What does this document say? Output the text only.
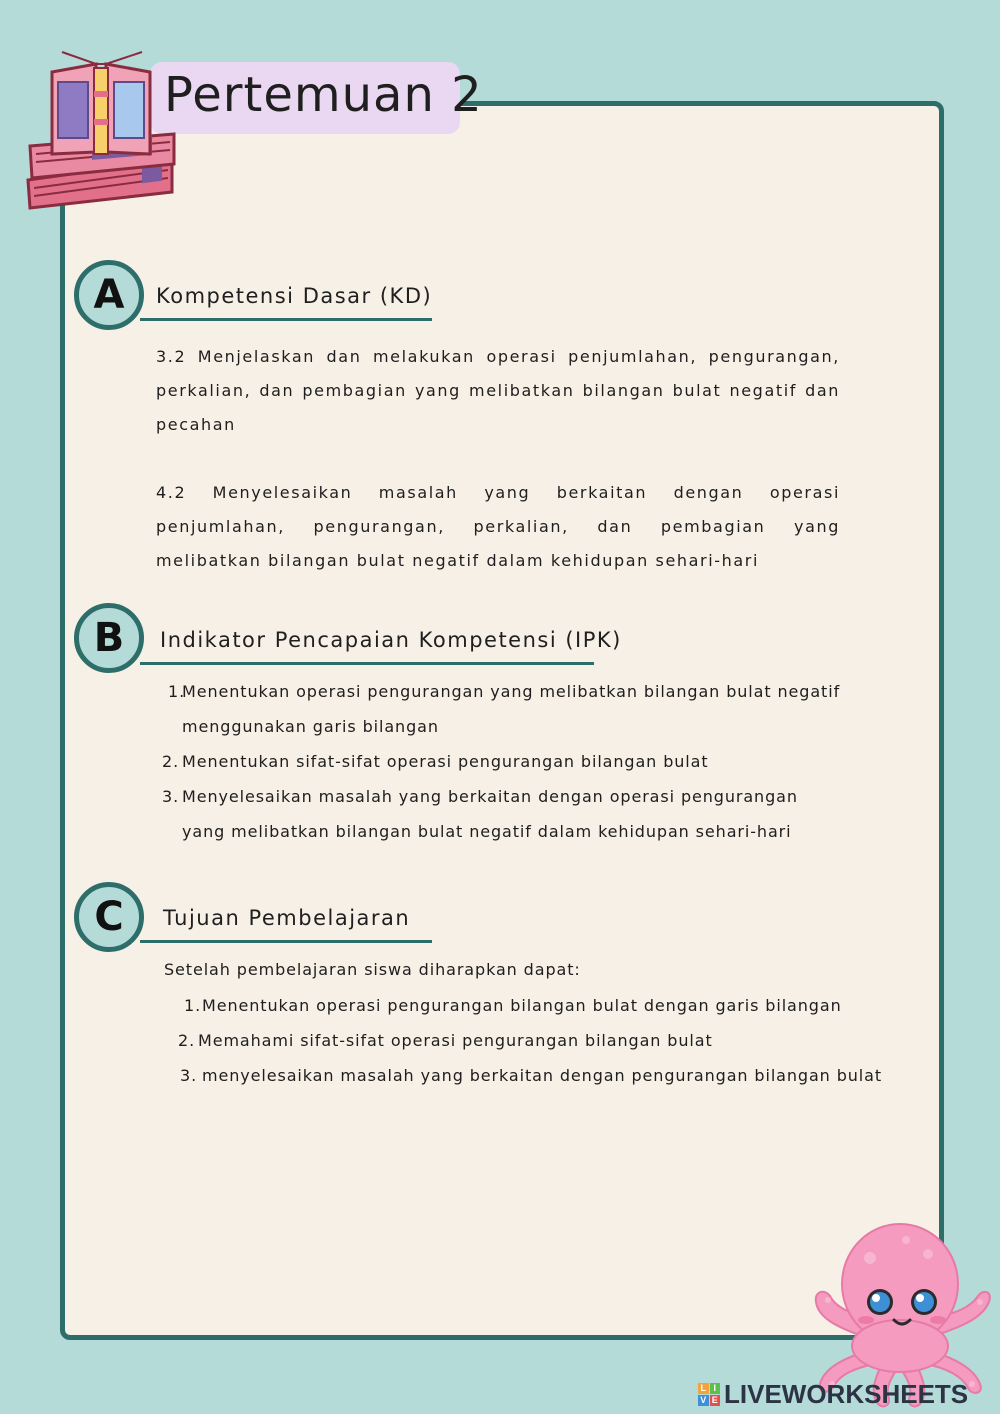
Pertemuan 2
A	Kompetensi Dasar (KD)

3.2 Menjelaskan dan melakukan operasi penjumlahan, pengurangan, perkalian, dan pembagian yang melibatkan bilangan bulat negatif dan pecahan

4.2 Menyelesaikan masalah yang berkaitan dengan operasi penjumlahan, pengurangan, perkalian, dan pembagian yang melibatkan bilangan bulat negatif dalam kehidupan sehari-hari

B	Indikator Pencapaian Kompetensi (IPK)
1.
Menentukan operasi pengurangan yang melibatkan bilangan bulat negatif menggunakan garis bilangan
2. Menentukan sifat-sifat operasi pengurangan bilangan bulat
3. Menyelesaikan masalah yang berkaitan dengan operasi pengurangan yang melibatkan bilangan bulat negatif dalam kehidupan sehari-hari
C	Tujuan Pembelajaran
Setelah pembelajaran siswa diharapkan dapat:
1. Menentukan operasi pengurangan bilangan bulat dengan garis bilangan
2. Memahami sifat-sifat operasi pengurangan bilangan bulat
3. menyelesaikan masalah yang berkaitan dengan pengurangan bilangan bulat
L I
V E LIVEWORKSHEETS
